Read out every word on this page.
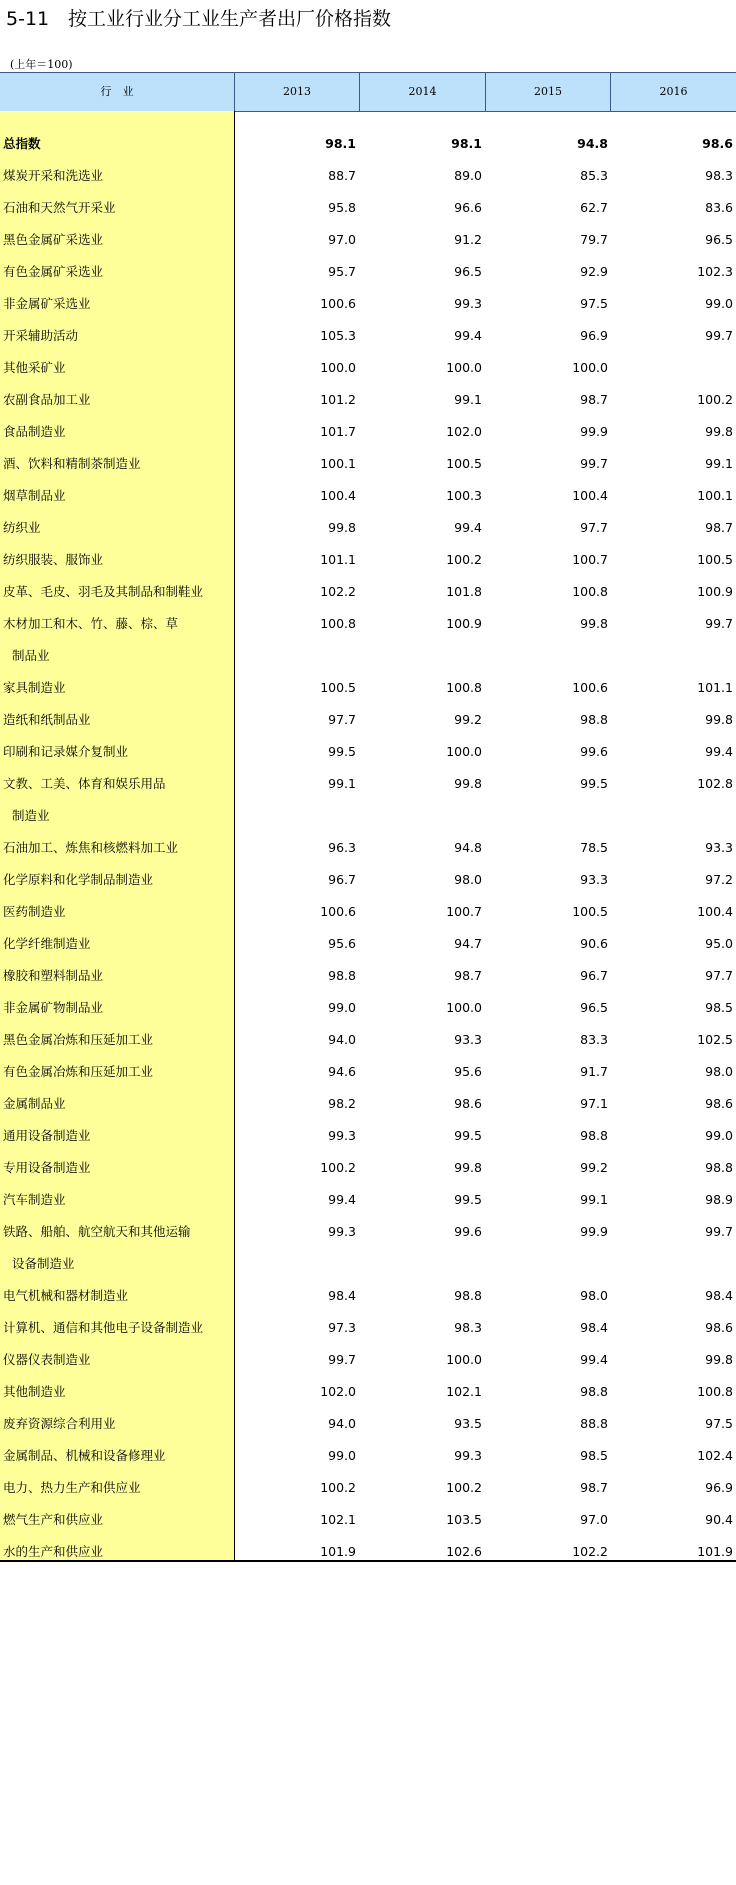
5-11 按工业行业分工业生产者出厂价格指数
(上年＝100)
行　业	2013	2014	2015	2016
总指数	98.1	98.1	94.8	98.6
煤炭开采和洗选业	88.7	89.0	85.3	98.3
石油和天然气开采业	95.8	96.6	62.7	83.6
黑色金属矿采选业	97.0	91.2	79.7	96.5
有色金属矿采选业	95.7	96.5	92.9	102.3
非金属矿采选业	100.6	99.3	97.5	99.0
开采辅助活动	105.3	99.4	96.9	99.7
其他采矿业	100.0	100.0	100.0
农副食品加工业	101.2	99.1	98.7	100.2
食品制造业	101.7	102.0	99.9	99.8
酒、饮料和精制茶制造业	100.1	100.5	99.7	99.1
烟草制品业	100.4	100.3	100.4	100.1
纺织业	99.8	99.4	97.7	98.7
纺织服装、服饰业	101.1	100.2	100.7	100.5
皮革、毛皮、羽毛及其制品和制鞋业	102.2	101.8	100.8	100.9
木材加工和木、竹、藤、棕、草	100.8	100.9	99.8	99.7
制品业
家具制造业	100.5	100.8	100.6	101.1
造纸和纸制品业	97.7	99.2	98.8	99.8
印刷和记录媒介复制业	99.5	100.0	99.6	99.4
文教、工美、体育和娱乐用品	99.1	99.8	99.5	102.8
制造业
石油加工、炼焦和核燃料加工业	96.3	94.8	78.5	93.3
化学原料和化学制品制造业	96.7	98.0	93.3	97.2
医药制造业	100.6	100.7	100.5	100.4
化学纤维制造业	95.6	94.7	90.6	95.0
橡胶和塑料制品业	98.8	98.7	96.7	97.7
非金属矿物制品业	99.0	100.0	96.5	98.5
黑色金属冶炼和压延加工业	94.0	93.3	83.3	102.5
有色金属冶炼和压延加工业	94.6	95.6	91.7	98.0
金属制品业	98.2	98.6	97.1	98.6
通用设备制造业	99.3	99.5	98.8	99.0
专用设备制造业	100.2	99.8	99.2	98.8
汽车制造业	99.4	99.5	99.1	98.9
铁路、船舶、航空航天和其他运输	99.3	99.6	99.9	99.7
设备制造业
电气机械和器材制造业	98.4	98.8	98.0	98.4
计算机、通信和其他电子设备制造业	97.3	98.3	98.4	98.6
仪器仪表制造业	99.7	100.0	99.4	99.8
其他制造业	102.0	102.1	98.8	100.8
废弃资源综合利用业	94.0	93.5	88.8	97.5
金属制品、机械和设备修理业	99.0	99.3	98.5	102.4
电力、热力生产和供应业	100.2	100.2	98.7	96.9
燃气生产和供应业	102.1	103.5	97.0	90.4
水的生产和供应业	101.9	102.6	102.2	101.9
